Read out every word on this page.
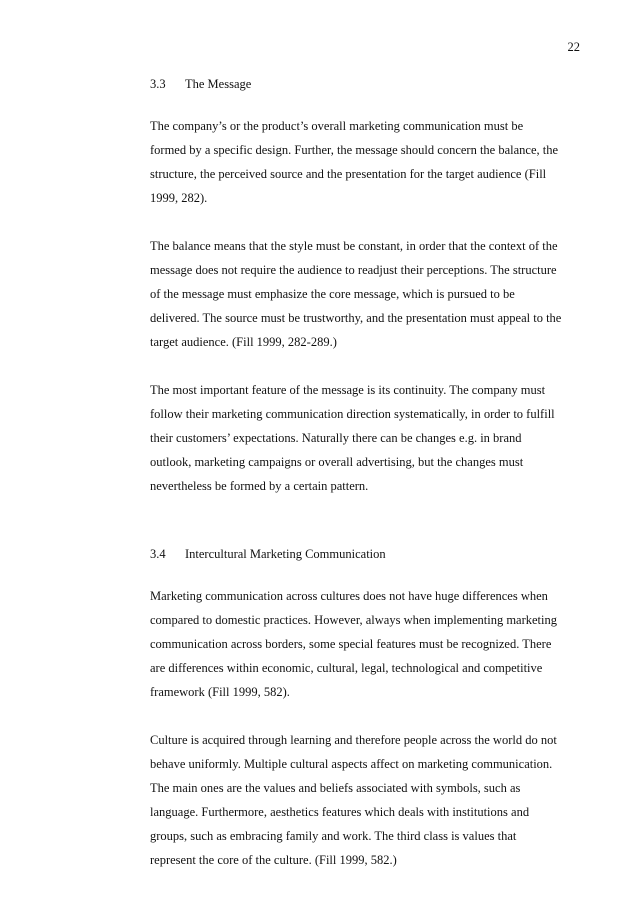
22
3.3 The Message
The company’s or the product’s overall marketing communication must be
formed by a specific design. Further, the message should concern the balance, the
structure, the perceived source and the presentation for the target audience (Fill
1999, 282).
The balance means that the style must be constant, in order that the context of the
message does not require the audience to readjust their perceptions. The structure
of the message must emphasize the core message, which is pursued to be
delivered. The source must be trustworthy, and the presentation must appeal to the
target audience. (Fill 1999, 282-289.)
The most important feature of the message is its continuity. The company must
follow their marketing communication direction systematically, in order to fulfill
their customers’ expectations. Naturally there can be changes e.g. in brand
outlook, marketing campaigns or overall advertising, but the changes must
nevertheless be formed by a certain pattern.
3.4 Intercultural Marketing Communication
Marketing communication across cultures does not have huge differences when
compared to domestic practices. However, always when implementing marketing
communication across borders, some special features must be recognized. There
are differences within economic, cultural, legal, technological and competitive
framework (Fill 1999, 582).
Culture is acquired through learning and therefore people across the world do not
behave uniformly. Multiple cultural aspects affect on marketing communication.
The main ones are the values and beliefs associated with symbols, such as
language. Furthermore, aesthetics features which deals with institutions and
groups, such as embracing family and work. The third class is values that
represent the core of the culture. (Fill 1999, 582.)
